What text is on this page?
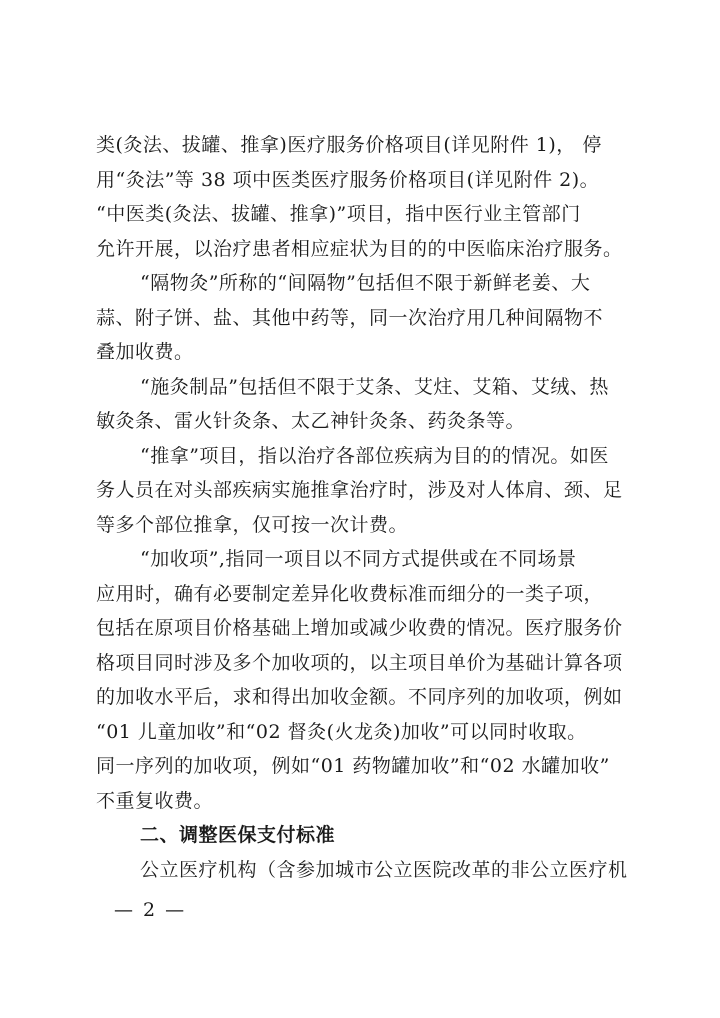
类(灸法、拔罐、推拿)医疗服务价格项目(详见附件 1)， 停
用“灸法”等 38 项中医类医疗服务价格项目(详见附件 2)。
“中医类(灸法、拔罐、推拿)”项目，指中医行业主管部门
允许开展，以治疗患者相应症状为目的的中医临床治疗服务。
“隔物灸”所称的“间隔物”包括但不限于新鲜老姜、大
蒜、附子饼、盐、其他中药等，同一次治疗用几种间隔物不
叠加收费。
“施灸制品”包括但不限于艾条、艾炷、艾箱、艾绒、热
敏灸条、雷火针灸条、太乙神针灸条、药灸条等。
“推拿”项目，指以治疗各部位疾病为目的的情况。如医
务人员在对头部疾病实施推拿治疗时，涉及对人体肩、颈、足
等多个部位推拿，仅可按一次计费。
“加收项”,指同一项目以不同方式提供或在不同场景
应用时，确有必要制定差异化收费标准而细分的一类子项，
包括在原项目价格基础上增加或减少收费的情况。医疗服务价
格项目同时涉及多个加收项的，以主项目单价为基础计算各项
的加收水平后，求和得出加收金额。不同序列的加收项，例如
“01 儿童加收”和“02 督灸(火龙灸)加收”可以同时收取。
同一序列的加收项，例如“01 药物罐加收”和“02 水罐加收”
不重复收费。
二、调整医保支付标准
公立医疗机构（含参加城市公立医院改革的非公立医疗机
— 2 —
